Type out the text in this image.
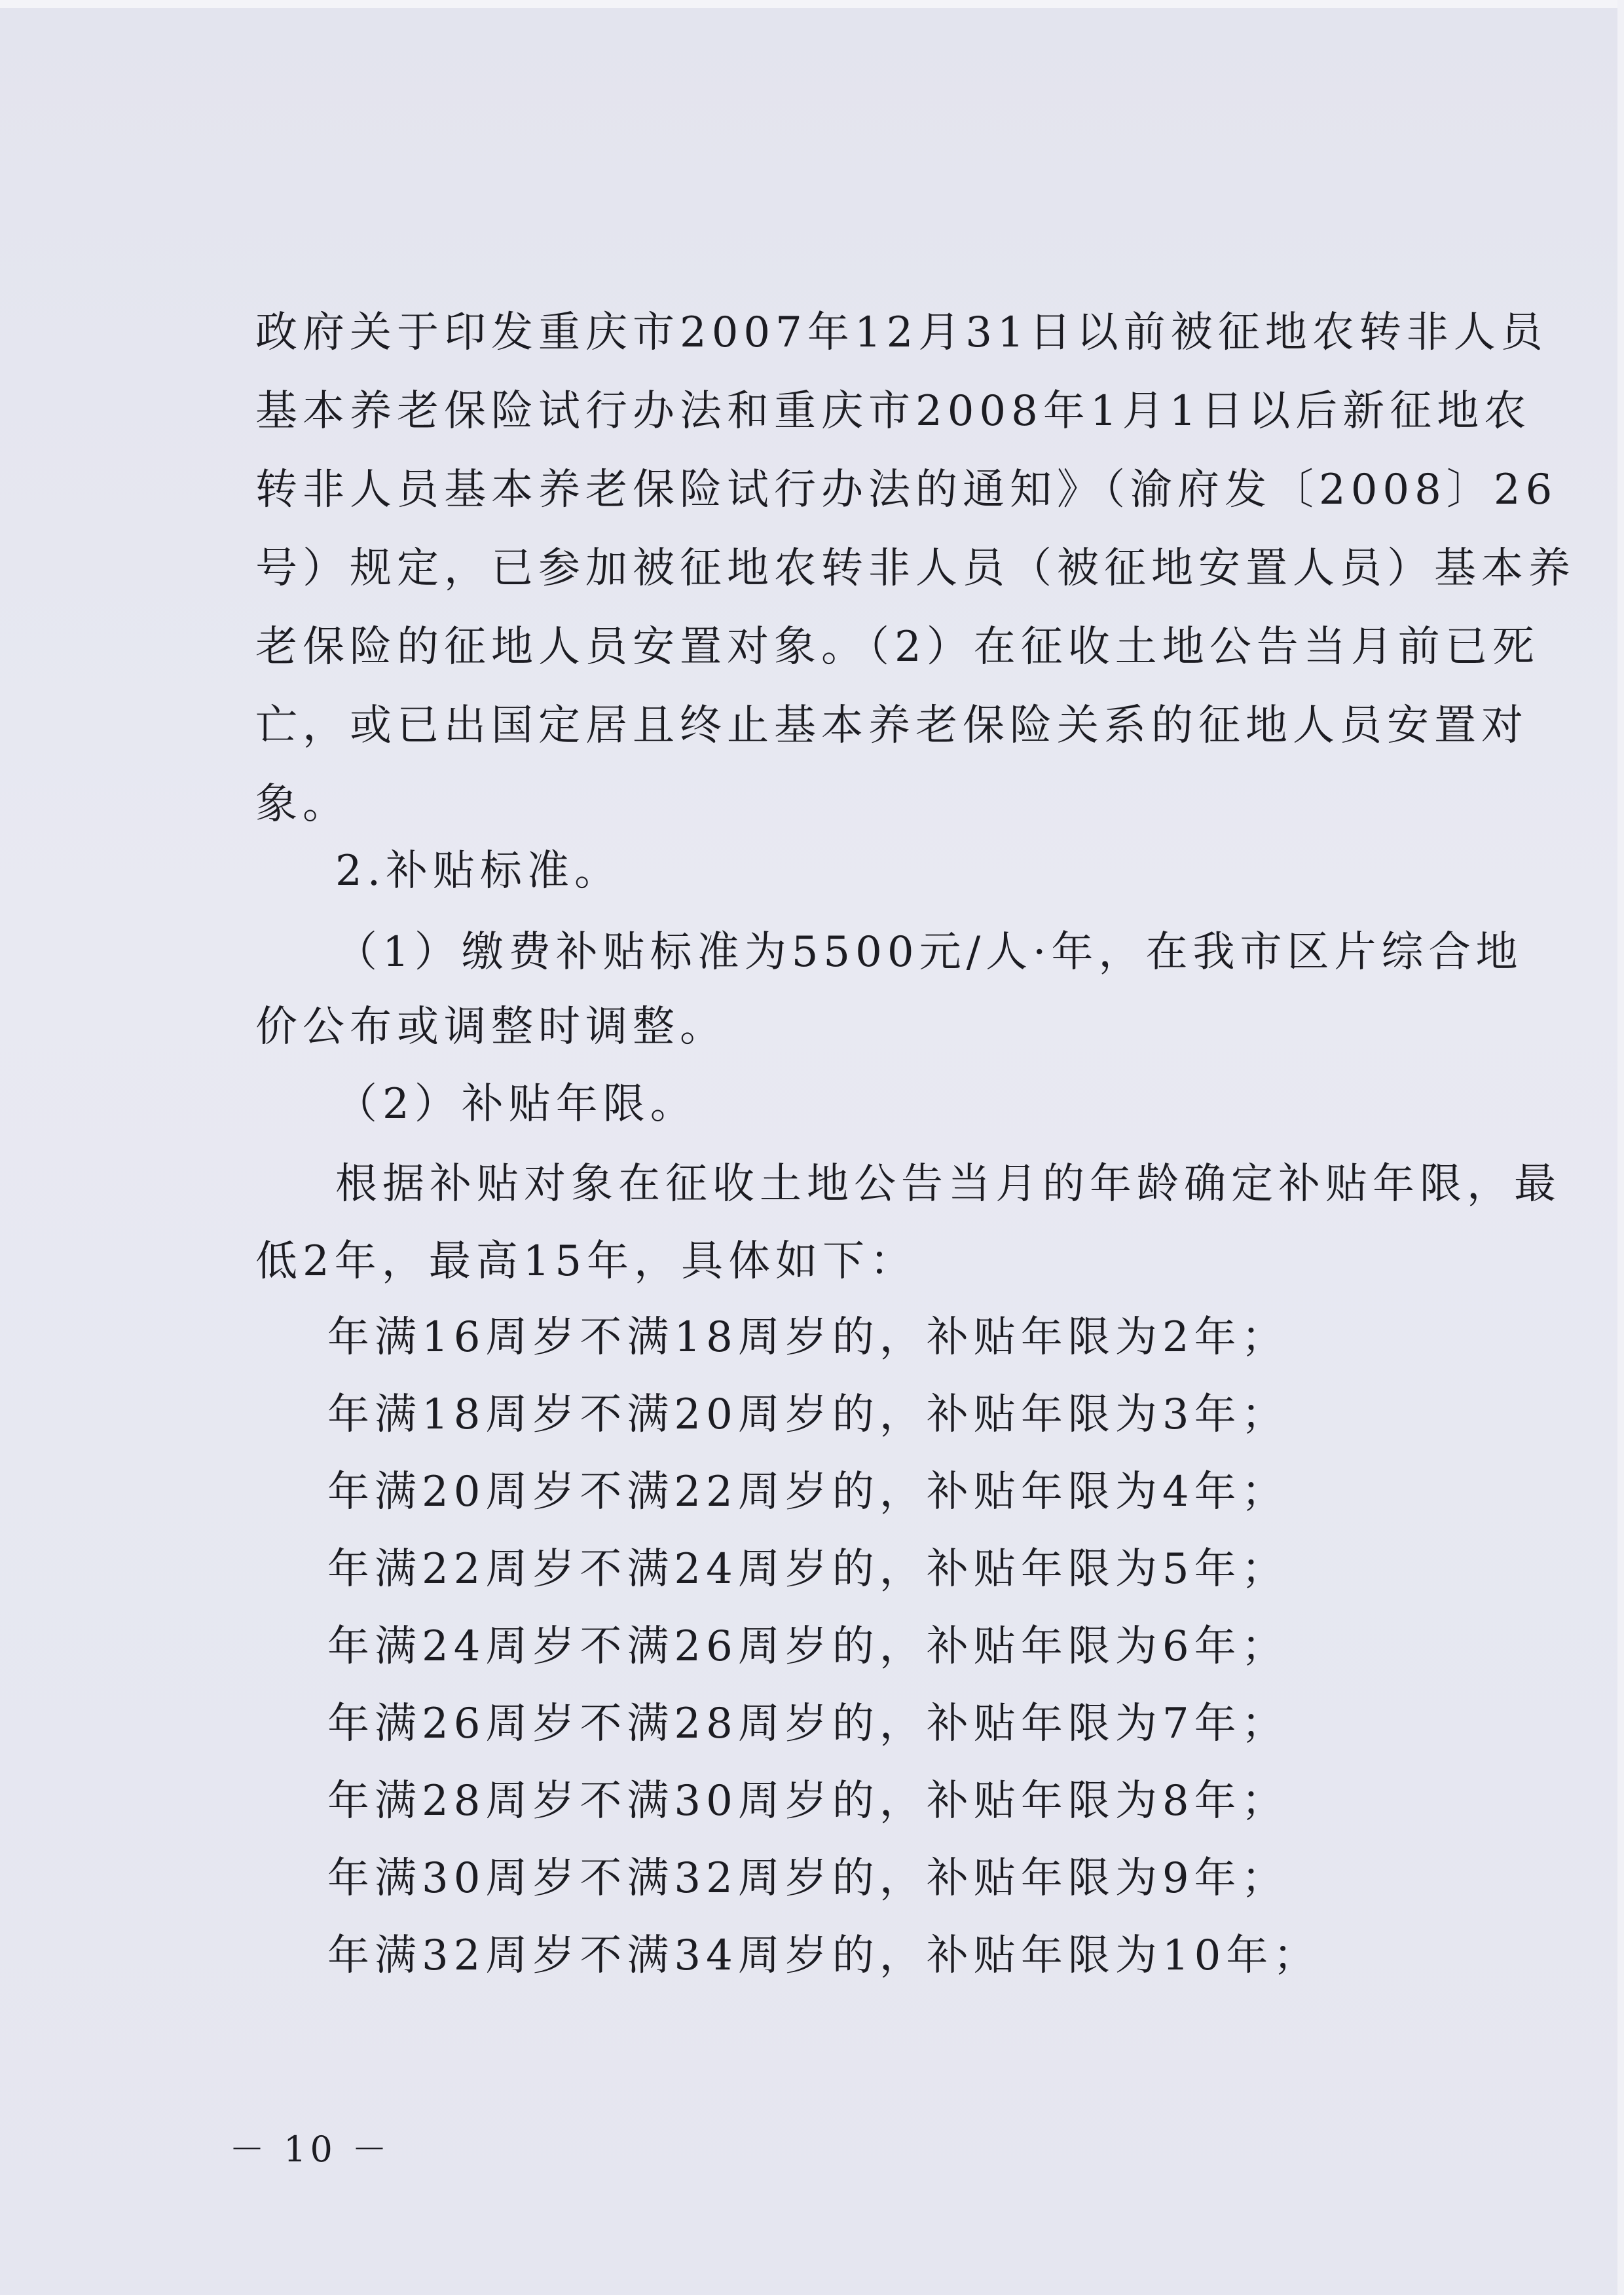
政府关于印发重庆市2007年12月31日以前被征地农转非人员
基本养老保险试行办法和重庆市2008年1月1日以后新征地农
转非人员基本养老保险试行办法的通知》（渝府发〔2008〕26
号）规定，已参加被征地农转非人员（被征地安置人员）基本养
老保险的征地人员安置对象。（2）在征收土地公告当月前已死
亡，或已出国定居且终止基本养老保险关系的征地人员安置对
象。
2.补贴标准。
（1）缴费补贴标准为5500元/人·年，在我市区片综合地
价公布或调整时调整。
（2）补贴年限。
根据补贴对象在征收土地公告当月的年龄确定补贴年限，最
低2年，最高15年，具体如下：
年满16周岁不满18周岁的，补贴年限为2年；
年满18周岁不满20周岁的，补贴年限为3年；
年满20周岁不满22周岁的，补贴年限为4年；
年满22周岁不满24周岁的，补贴年限为5年；
年满24周岁不满26周岁的，补贴年限为6年；
年满26周岁不满28周岁的，补贴年限为7年；
年满28周岁不满30周岁的，补贴年限为8年；
年满30周岁不满32周岁的，补贴年限为9年；
年满32周岁不满34周岁的，补贴年限为10年；
－ 10 －
